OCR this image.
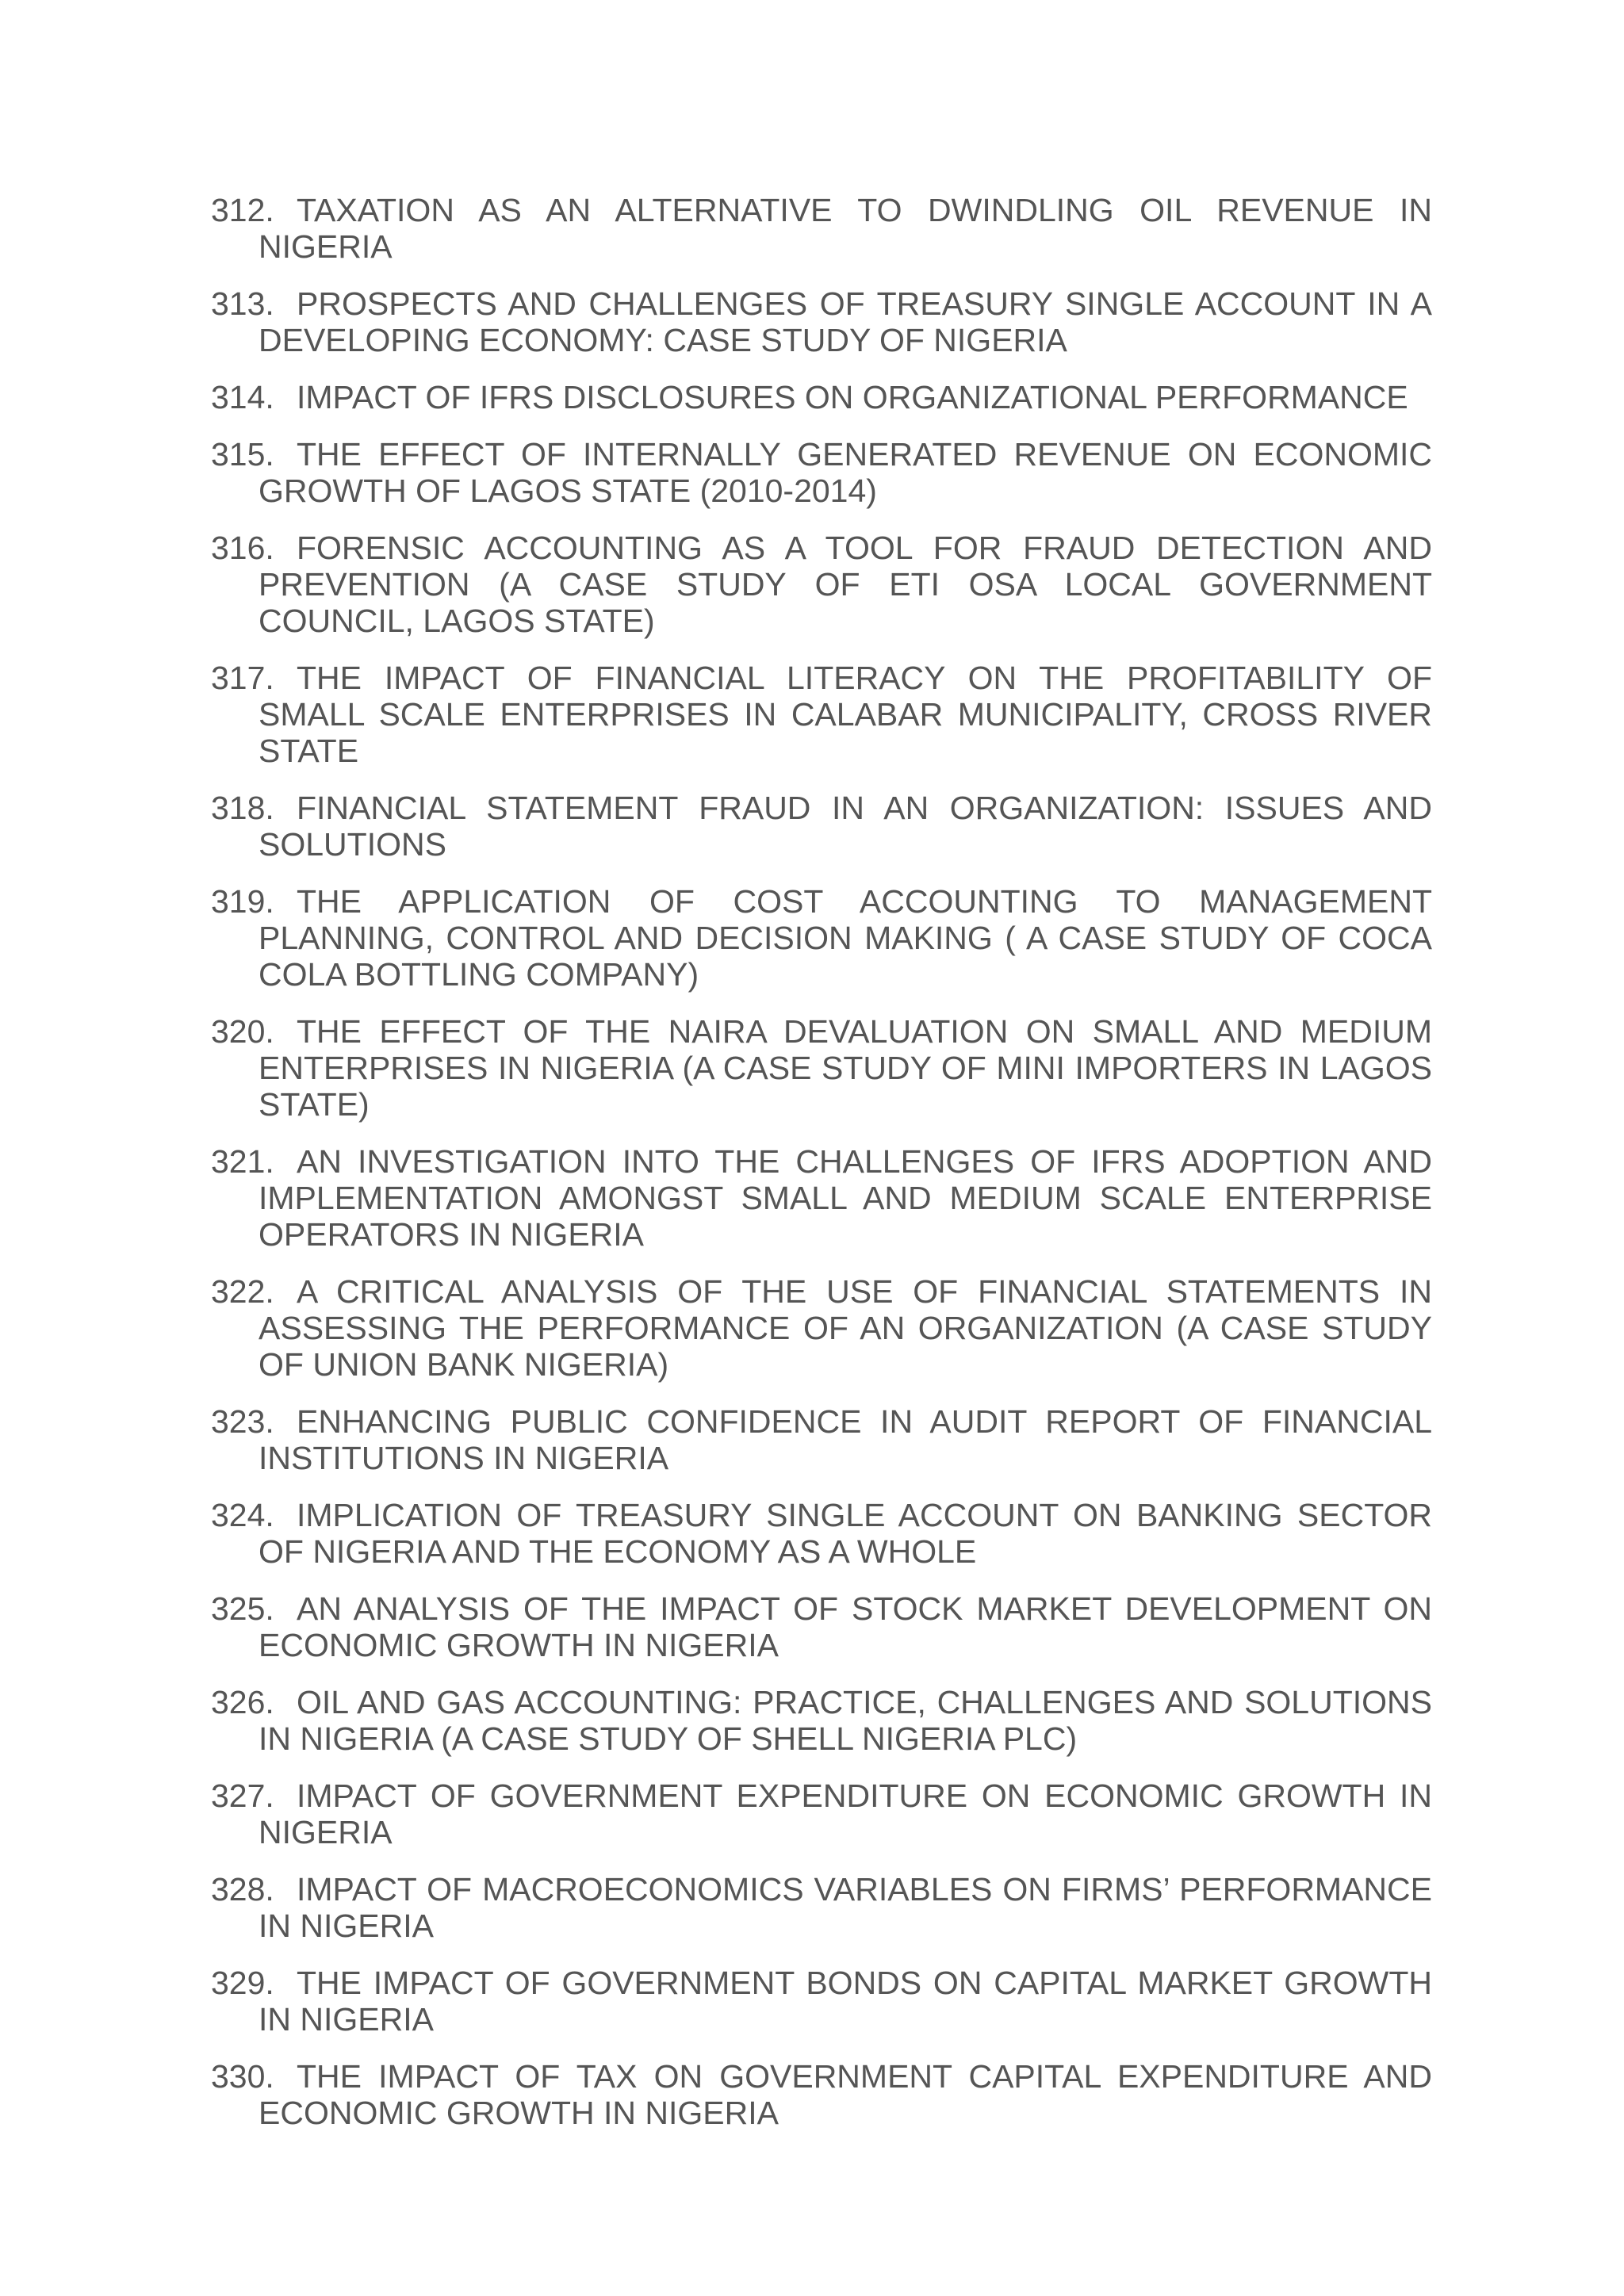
312. TAXATION AS AN ALTERNATIVE TO DWINDLING OIL REVENUE IN NIGERIA
313. PROSPECTS AND CHALLENGES OF TREASURY SINGLE ACCOUNT IN A DEVELOPING ECONOMY: CASE STUDY OF NIGERIA
314. IMPACT OF IFRS DISCLOSURES ON ORGANIZATIONAL PERFORMANCE
315. THE EFFECT OF INTERNALLY GENERATED REVENUE ON ECONOMIC GROWTH OF LAGOS STATE (2010-2014)
316. FORENSIC ACCOUNTING AS A TOOL FOR FRAUD DETECTION AND PREVENTION (A CASE STUDY OF ETI OSA LOCAL GOVERNMENT COUNCIL, LAGOS STATE)
317. THE IMPACT OF FINANCIAL LITERACY ON THE PROFITABILITY OF SMALL SCALE ENTERPRISES IN CALABAR MUNICIPALITY, CROSS RIVER STATE
318. FINANCIAL STATEMENT FRAUD IN AN ORGANIZATION: ISSUES AND SOLUTIONS
319. THE APPLICATION OF COST ACCOUNTING TO MANAGEMENT PLANNING, CONTROL AND DECISION MAKING ( A CASE STUDY OF COCA COLA BOTTLING COMPANY)
320. THE EFFECT OF THE NAIRA DEVALUATION ON SMALL AND MEDIUM ENTERPRISES IN NIGERIA (A CASE STUDY OF MINI IMPORTERS IN LAGOS STATE)
321. AN INVESTIGATION INTO THE CHALLENGES OF IFRS ADOPTION AND IMPLEMENTATION AMONGST SMALL AND MEDIUM SCALE ENTERPRISE OPERATORS IN NIGERIA
322. A CRITICAL ANALYSIS OF THE USE OF FINANCIAL STATEMENTS IN ASSESSING THE PERFORMANCE OF AN ORGANIZATION (A CASE STUDY OF UNION BANK NIGERIA)
323. ENHANCING PUBLIC CONFIDENCE IN AUDIT REPORT OF FINANCIAL INSTITUTIONS IN NIGERIA
324. IMPLICATION OF TREASURY SINGLE ACCOUNT ON BANKING SECTOR OF NIGERIA AND THE ECONOMY AS A WHOLE
325. AN ANALYSIS OF THE IMPACT OF STOCK MARKET DEVELOPMENT ON ECONOMIC GROWTH IN NIGERIA
326. OIL AND GAS ACCOUNTING: PRACTICE, CHALLENGES AND SOLUTIONS IN NIGERIA (A CASE STUDY OF SHELL NIGERIA PLC)
327. IMPACT OF GOVERNMENT EXPENDITURE ON ECONOMIC GROWTH IN NIGERIA
328. IMPACT OF MACROECONOMICS VARIABLES ON FIRMS’ PERFORMANCE IN NIGERIA
329. THE IMPACT OF GOVERNMENT BONDS ON CAPITAL MARKET GROWTH IN NIGERIA
330. THE IMPACT OF TAX ON GOVERNMENT CAPITAL EXPENDITURE AND ECONOMIC GROWTH IN NIGERIA
